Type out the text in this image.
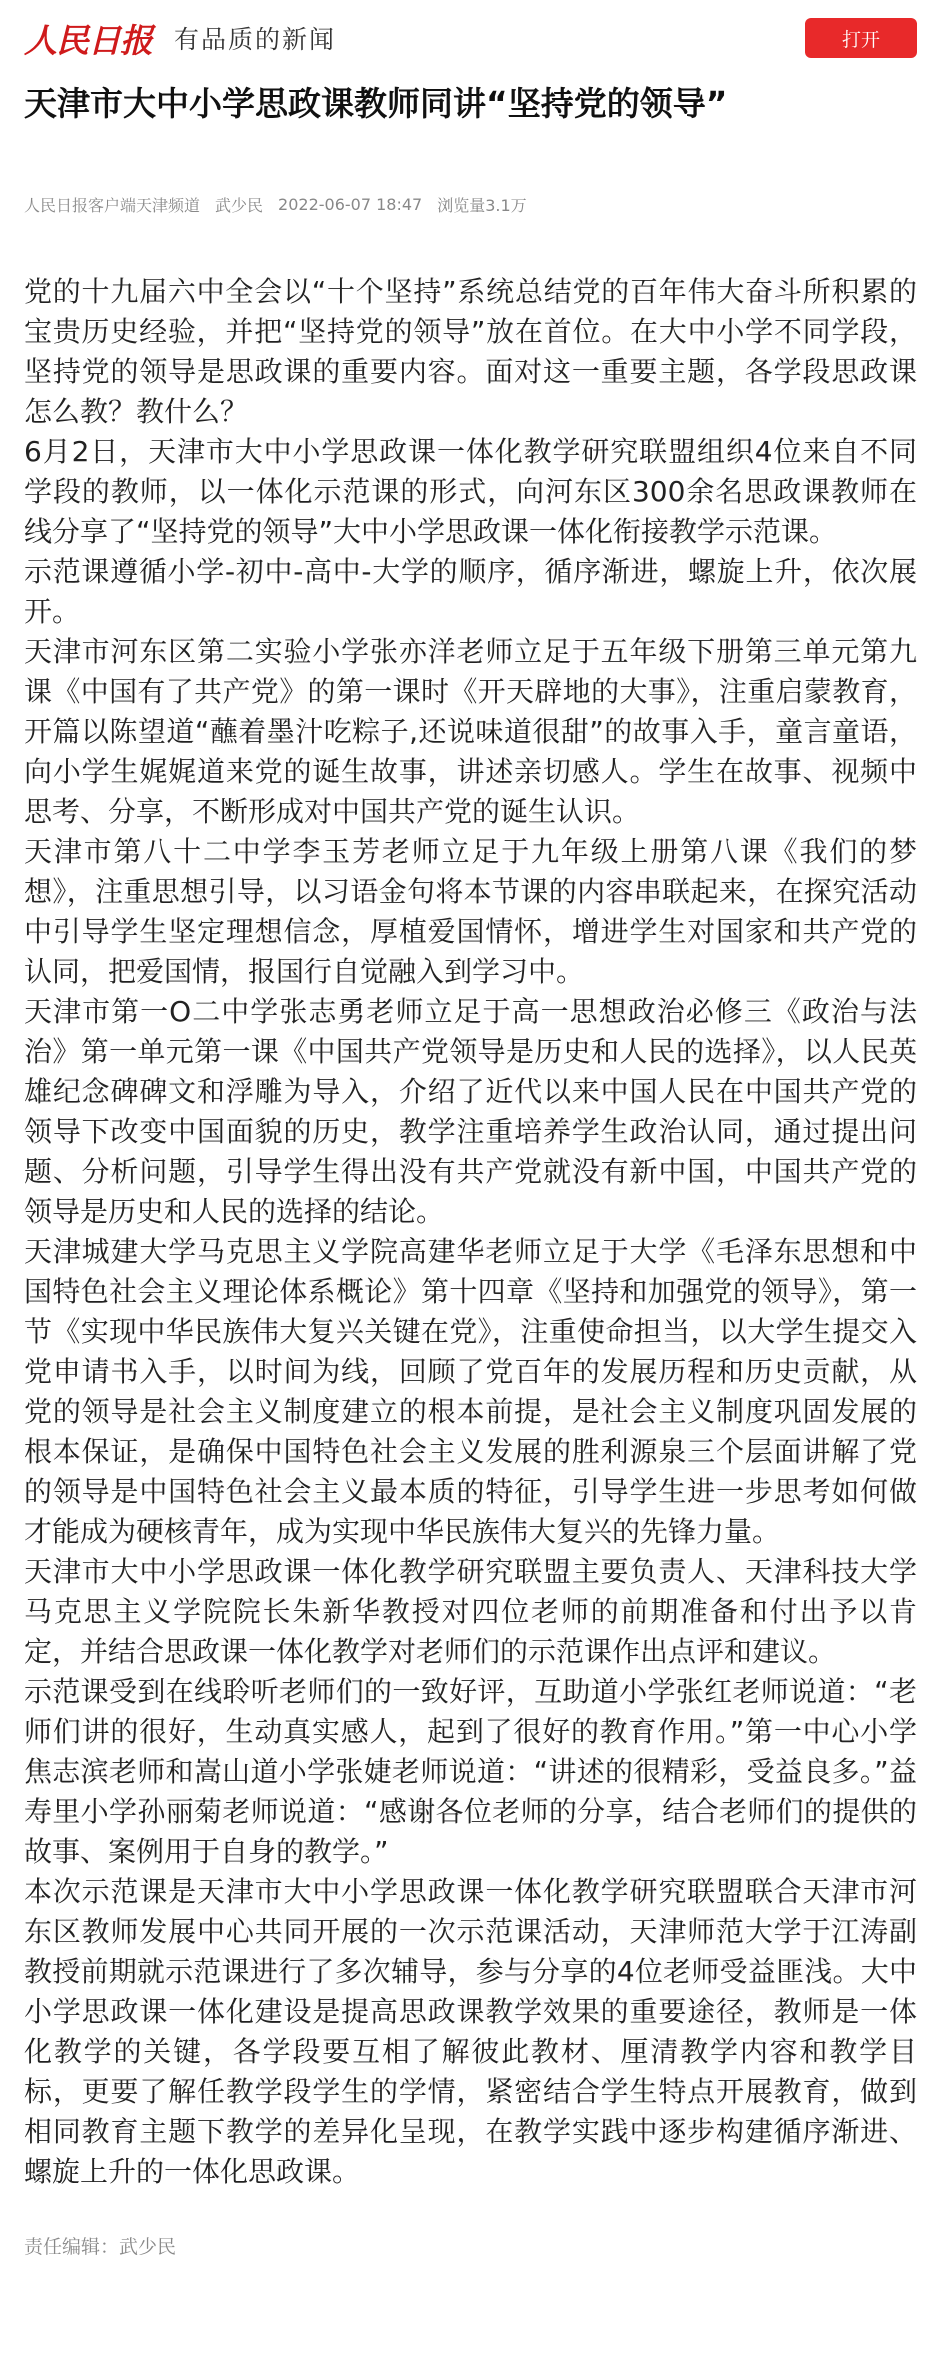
人民日报 有品质的新闻	打开
天津市大中小学思政课教师同讲“坚持党的领导”
人民日报客户端天津频道 武少民 2022-06-07 18:47 浏览量3.1万

党的十九届六中全会以“十个坚持”系统总结党的百年伟大奋斗所积累的宝贵历史经验，并把“坚持党的领导”放在首位。在大中小学不同学段，坚持党的领导是思政课的重要内容。面对这一重要主题，各学段思政课怎么教？教什么？

6月2日，天津市大中小学思政课一体化教学研究联盟组织4位来自不同学段的教师，以一体化示范课的形式，向河东区300余名思政课教师在线分享了“坚持党的领导”大中小学思政课一体化衔接教学示范课。

示范课遵循小学-初中-高中-大学的顺序，循序渐进，螺旋上升，依次展开。

天津市河东区第二实验小学张亦洋老师立足于五年级下册第三单元第九课《中国有了共产党》的第一课时《开天辟地的大事》，注重启蒙教育，开篇以陈望道“蘸着墨汁吃粽子,还说味道很甜”的故事入手，童言童语，向小学生娓娓道来党的诞生故事，讲述亲切感人。学生在故事、视频中思考、分享，不断形成对中国共产党的诞生认识。

天津市第八十二中学李玉芳老师立足于九年级上册第八课《我们的梦想》，注重思想引导，以习语金句将本节课的内容串联起来，在探究活动中引导学生坚定理想信念，厚植爱国情怀，增进学生对国家和共产党的认同，把爱国情，报国行自觉融入到学习中。

天津市第一O二中学张志勇老师立足于高一思想政治必修三《政治与法治》第一单元第一课《中国共产党领导是历史和人民的选择》，以人民英雄纪念碑碑文和浮雕为导入，介绍了近代以来中国人民在中国共产党的领导下改变中国面貌的历史，教学注重培养学生政治认同，通过提出问题、分析问题，引导学生得出没有共产党就没有新中国，中国共产党的领导是历史和人民的选择的结论。

天津城建大学马克思主义学院高建华老师立足于大学《毛泽东思想和中国特色社会主义理论体系概论》第十四章《坚持和加强党的领导》，第一节《实现中华民族伟大复兴关键在党》，注重使命担当，以大学生提交入党申请书入手，以时间为线，回顾了党百年的发展历程和历史贡献，从党的领导是社会主义制度建立的根本前提，是社会主义制度巩固发展的根本保证，是确保中国特色社会主义发展的胜利源泉三个层面讲解了党的领导是中国特色社会主义最本质的特征，引导学生进一步思考如何做才能成为硬核青年，成为实现中华民族伟大复兴的先锋力量。

天津市大中小学思政课一体化教学研究联盟主要负责人、天津科技大学马克思主义学院院长朱新华教授对四位老师的前期准备和付出予以肯定，并结合思政课一体化教学对老师们的示范课作出点评和建议。

示范课受到在线聆听老师们的一致好评，互助道小学张红老师说道：“老师们讲的很好，生动真实感人，起到了很好的教育作用。”第一中心小学焦志滨老师和嵩山道小学张婕老师说道：“讲述的很精彩，受益良多。”益寿里小学孙丽菊老师说道：“感谢各位老师的分享，结合老师们的提供的故事、案例用于自身的教学。”

本次示范课是天津市大中小学思政课一体化教学研究联盟联合天津市河东区教师发展中心共同开展的一次示范课活动，天津师范大学于江涛副教授前期就示范课进行了多次辅导，参与分享的4位老师受益匪浅。大中小学思政课一体化建设是提高思政课教学效果的重要途径，教师是一体化教学的关键，各学段要互相了解彼此教材、厘清教学内容和教学目标，更要了解任教学段学生的学情，紧密结合学生特点开展教育，做到相同教育主题下教学的差异化呈现，在教学实践中逐步构建循序渐进、螺旋上升的一体化思政课。

责任编辑：武少民
